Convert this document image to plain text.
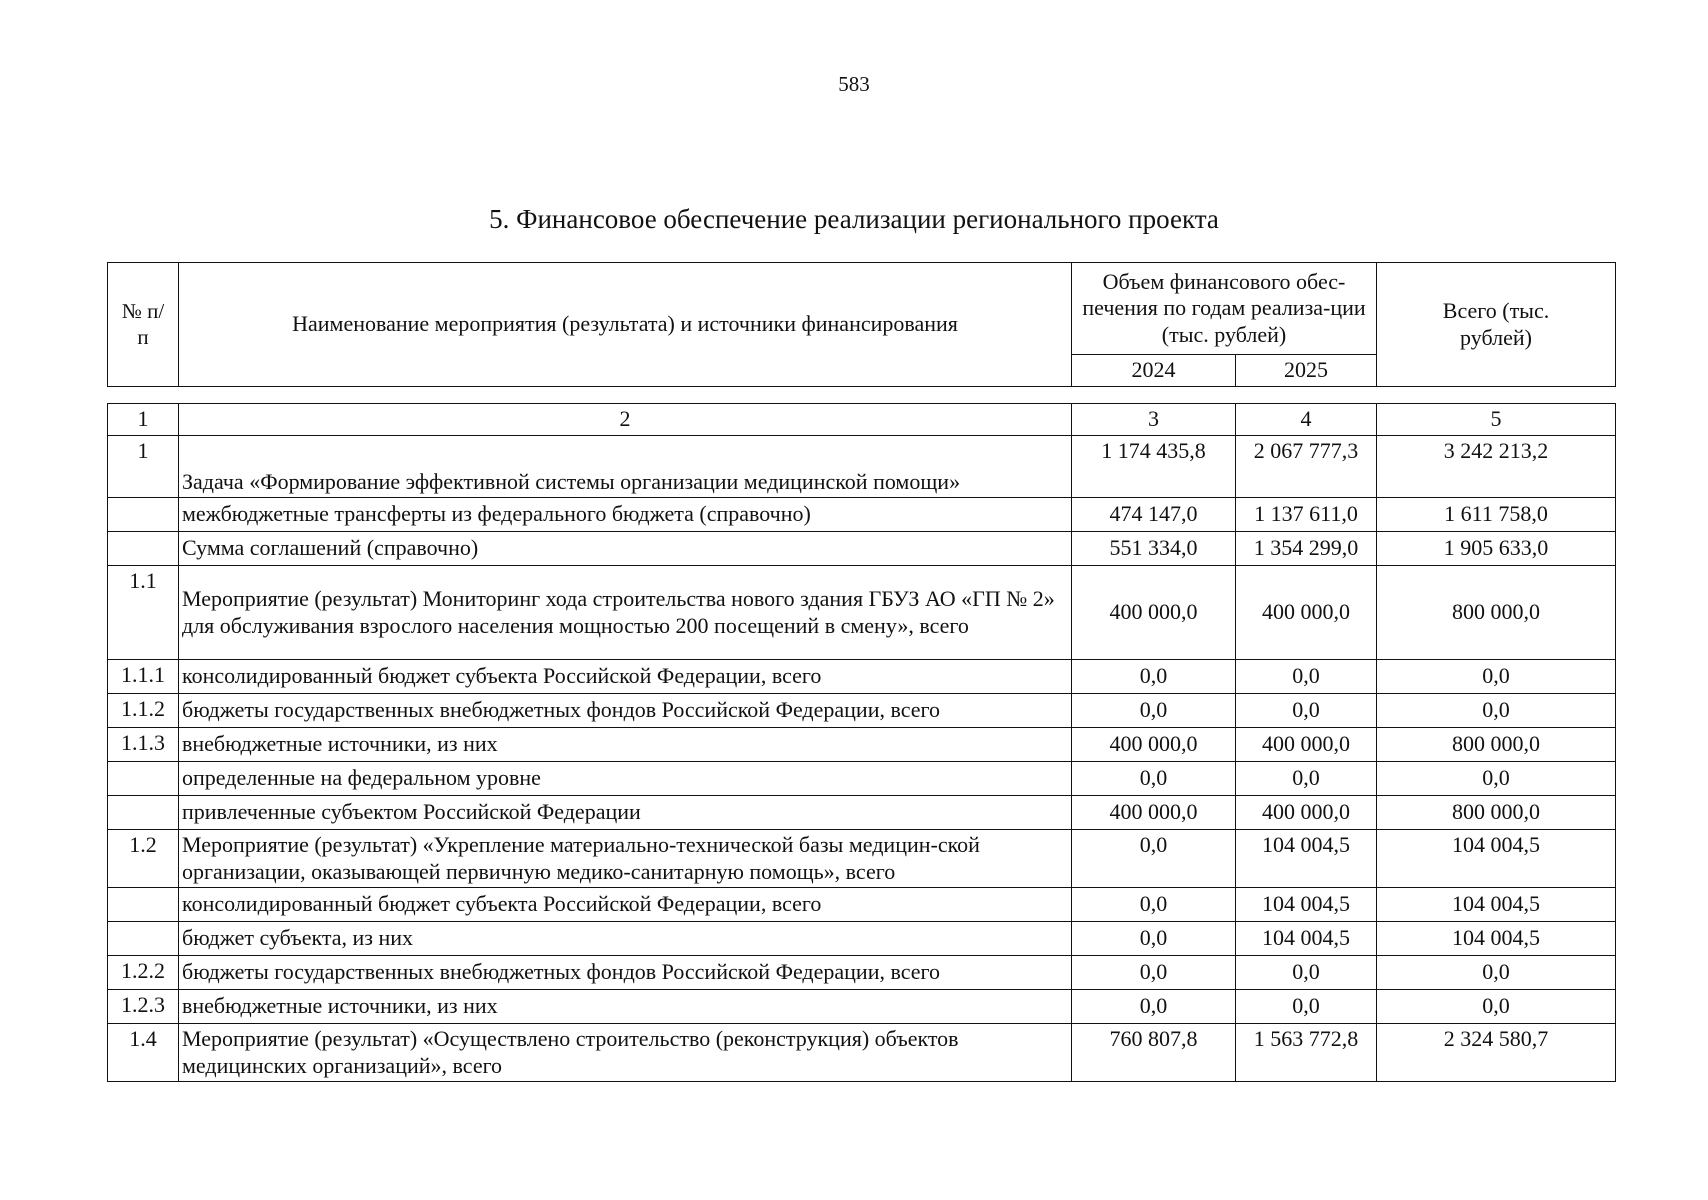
583
5. Финансовое обеспечение реализации регионального проекта
№ п/п	Наименование мероприятия (результата) и источники финансирования	Объем финансового обес-печения по годам реализа-ции (тыс. рублей)		Всего (тыс. рублей)
		2024	2025	
1	2	3	4	5
1	Задача «Формирование эффективной системы организации медицинской помощи»	1 174 435,8	2 067 777,3	3 242 213,2
	межбюджетные трансферты из федерального бюджета (справочно)	474 147,0	1 137 611,0	1 611 758,0
	Сумма соглашений (справочно)	551 334,0	1 354 299,0	1 905 633,0
1.1	Мероприятие (результат) Мониторинг хода строительства нового здания ГБУЗ АО «ГП № 2» для обслуживания взрослого населения мощностью 200 посещений в смену», всего	400 000,0	400 000,0	800 000,0
1.1.1	консолидированный бюджет субъекта Российской Федерации, всего	0,0	0,0	0,0
1.1.2	бюджеты государственных внебюджетных фондов Российской Федерации, всего	0,0	0,0	0,0
1.1.3	внебюджетные источники, из них	400 000,0	400 000,0	800 000,0
	определенные на федеральном уровне	0,0	0,0	0,0
	привлеченные субъектом Российской Федерации	400 000,0	400 000,0	800 000,0
1.2	Мероприятие (результат) «Укрепление материально-технической базы медицин-ской организации, оказывающей первичную медико-санитарную помощь», всего	0,0	104 004,5	104 004,5
	консолидированный бюджет субъекта Российской Федерации, всего	0,0	104 004,5	104 004,5
	бюджет субъекта, из них	0,0	104 004,5	104 004,5
1.2.2	бюджеты государственных внебюджетных фондов Российской Федерации, всего	0,0	0,0	0,0
1.2.3	внебюджетные источники, из них	0,0	0,0	0,0
1.4	Мероприятие (результат) «Осуществлено строительство (реконструкция) объектов медицинских организаций», всего	760 807,8	1 563 772,8	2 324 580,7
